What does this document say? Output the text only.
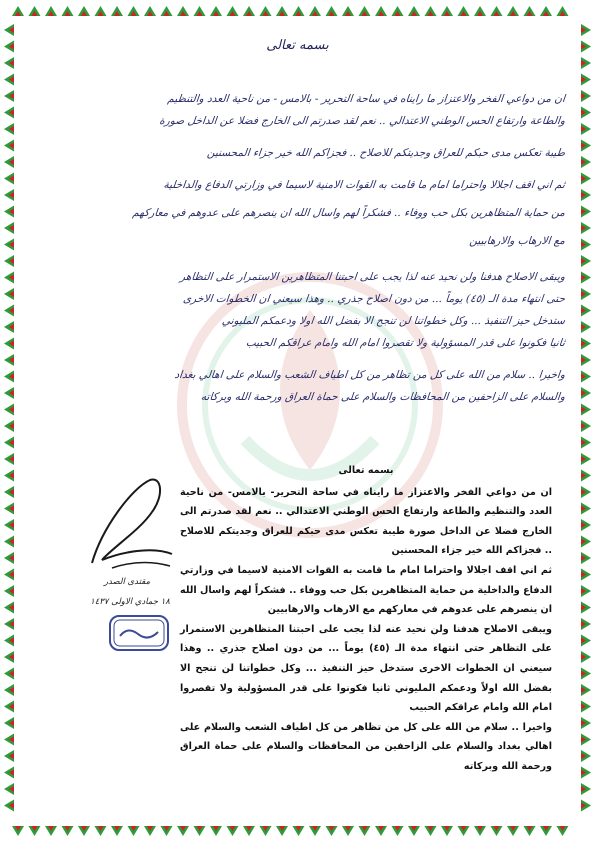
بسمه تعالى

ان من دواعي الفخر والاعتزاز ما رايناه في ساحة التحرير - بالامس - من ناحية العدد والتنظيم

والطاعة وارتفاع الحس الوطني الاعتدالي .. نعم لقد صدرتم الى الخارج فضلا عن الداخل صورة

طيبة تعكس مدى حبكم للعراق وجديتكم للاصلاح .. فجزاكم الله خير جزاء المحسنين

ثم اني اقف اجلالا واحتراما امام ما قامت به القوات الامنية لاسيما في وزارتي الدفاع والداخلية

من حماية المتظاهرين بكل حب ووفاء .. فشكراً لهم واسال الله ان ينصرهم على عدوهم في معاركهم

مع الارهاب والارهابيين

ويبقى الاصلاح هدفنا ولن نحيد عنه لذا يجب على احبتنا المتظاهرين الاستمرار على التظاهر

حتى انتهاء مدة الـ (٤٥) يوماً ... من دون اصلاح جذري .. وهذا سيعني ان الخطوات الاخرى

ستدخل حيز التنفيذ ... وكل خطواتنا لن تنجح الا بفضل الله اولا ودعمكم المليوني

ثانيا فكونوا على قدر المسؤولية ولا تقصروا امام الله وامام عراقكم الحبيب

واخيرا .. سلام من الله على كل من تظاهر من كل اطياف الشعب والسلام على اهالي بغداد

والسلام على الزاحفين من المحافظات والسلام على حماة العراق ورحمة الله وبركاته

مقتدى الصدر
١٨ جمادي الاولى ١٤٣٧
بسمه تعالى

ان من دواعي الفخر والاعتزاز ما رايناه في ساحة التحرير- بالامس- من ناحية العدد والتنظيم والطاعة وارتفاع الحس الوطني الاعتدالي .. نعم لقد صدرتم الى الخارج فضلا عن الداخل صورة طيبة تعكس مدى حبكم للعراق وجديتكم للاصلاح .. فجزاكم الله خير جزاء المحسنين

ثم اني اقف اجلالا واحتراما امام ما قامت به القوات الامنية لاسيما في وزارتي الدفاع والداخلية من حماية المتظاهرين بكل حب ووفاء .. فشكراً لهم واسال الله ان ينصرهم على عدوهم في معاركهم مع الارهاب والارهابيين

ويبقى الاصلاح هدفنا ولن نحيد عنه لذا يجب على احبتنا المتظاهرين الاستمرار على التظاهر حتى انتهاء مدة الـ (٤٥) يوماً ... من دون اصلاح جذري .. وهذا سيعني ان الخطوات الاخرى ستدخل حيز التنفيذ ... وكل خطواتنا لن تنجح الا بفضل الله اولاً ودعمكم المليوني ثانيا فكونوا على قدر المسؤولية ولا تقصروا امام الله وامام عراقكم الحبيب

واخيرا .. سلام من الله على كل من تظاهر من كل اطياف الشعب والسلام على اهالي بغداد والسلام على الزاحفين من المحافظات والسلام على حماة العراق ورحمة الله وبركاته
